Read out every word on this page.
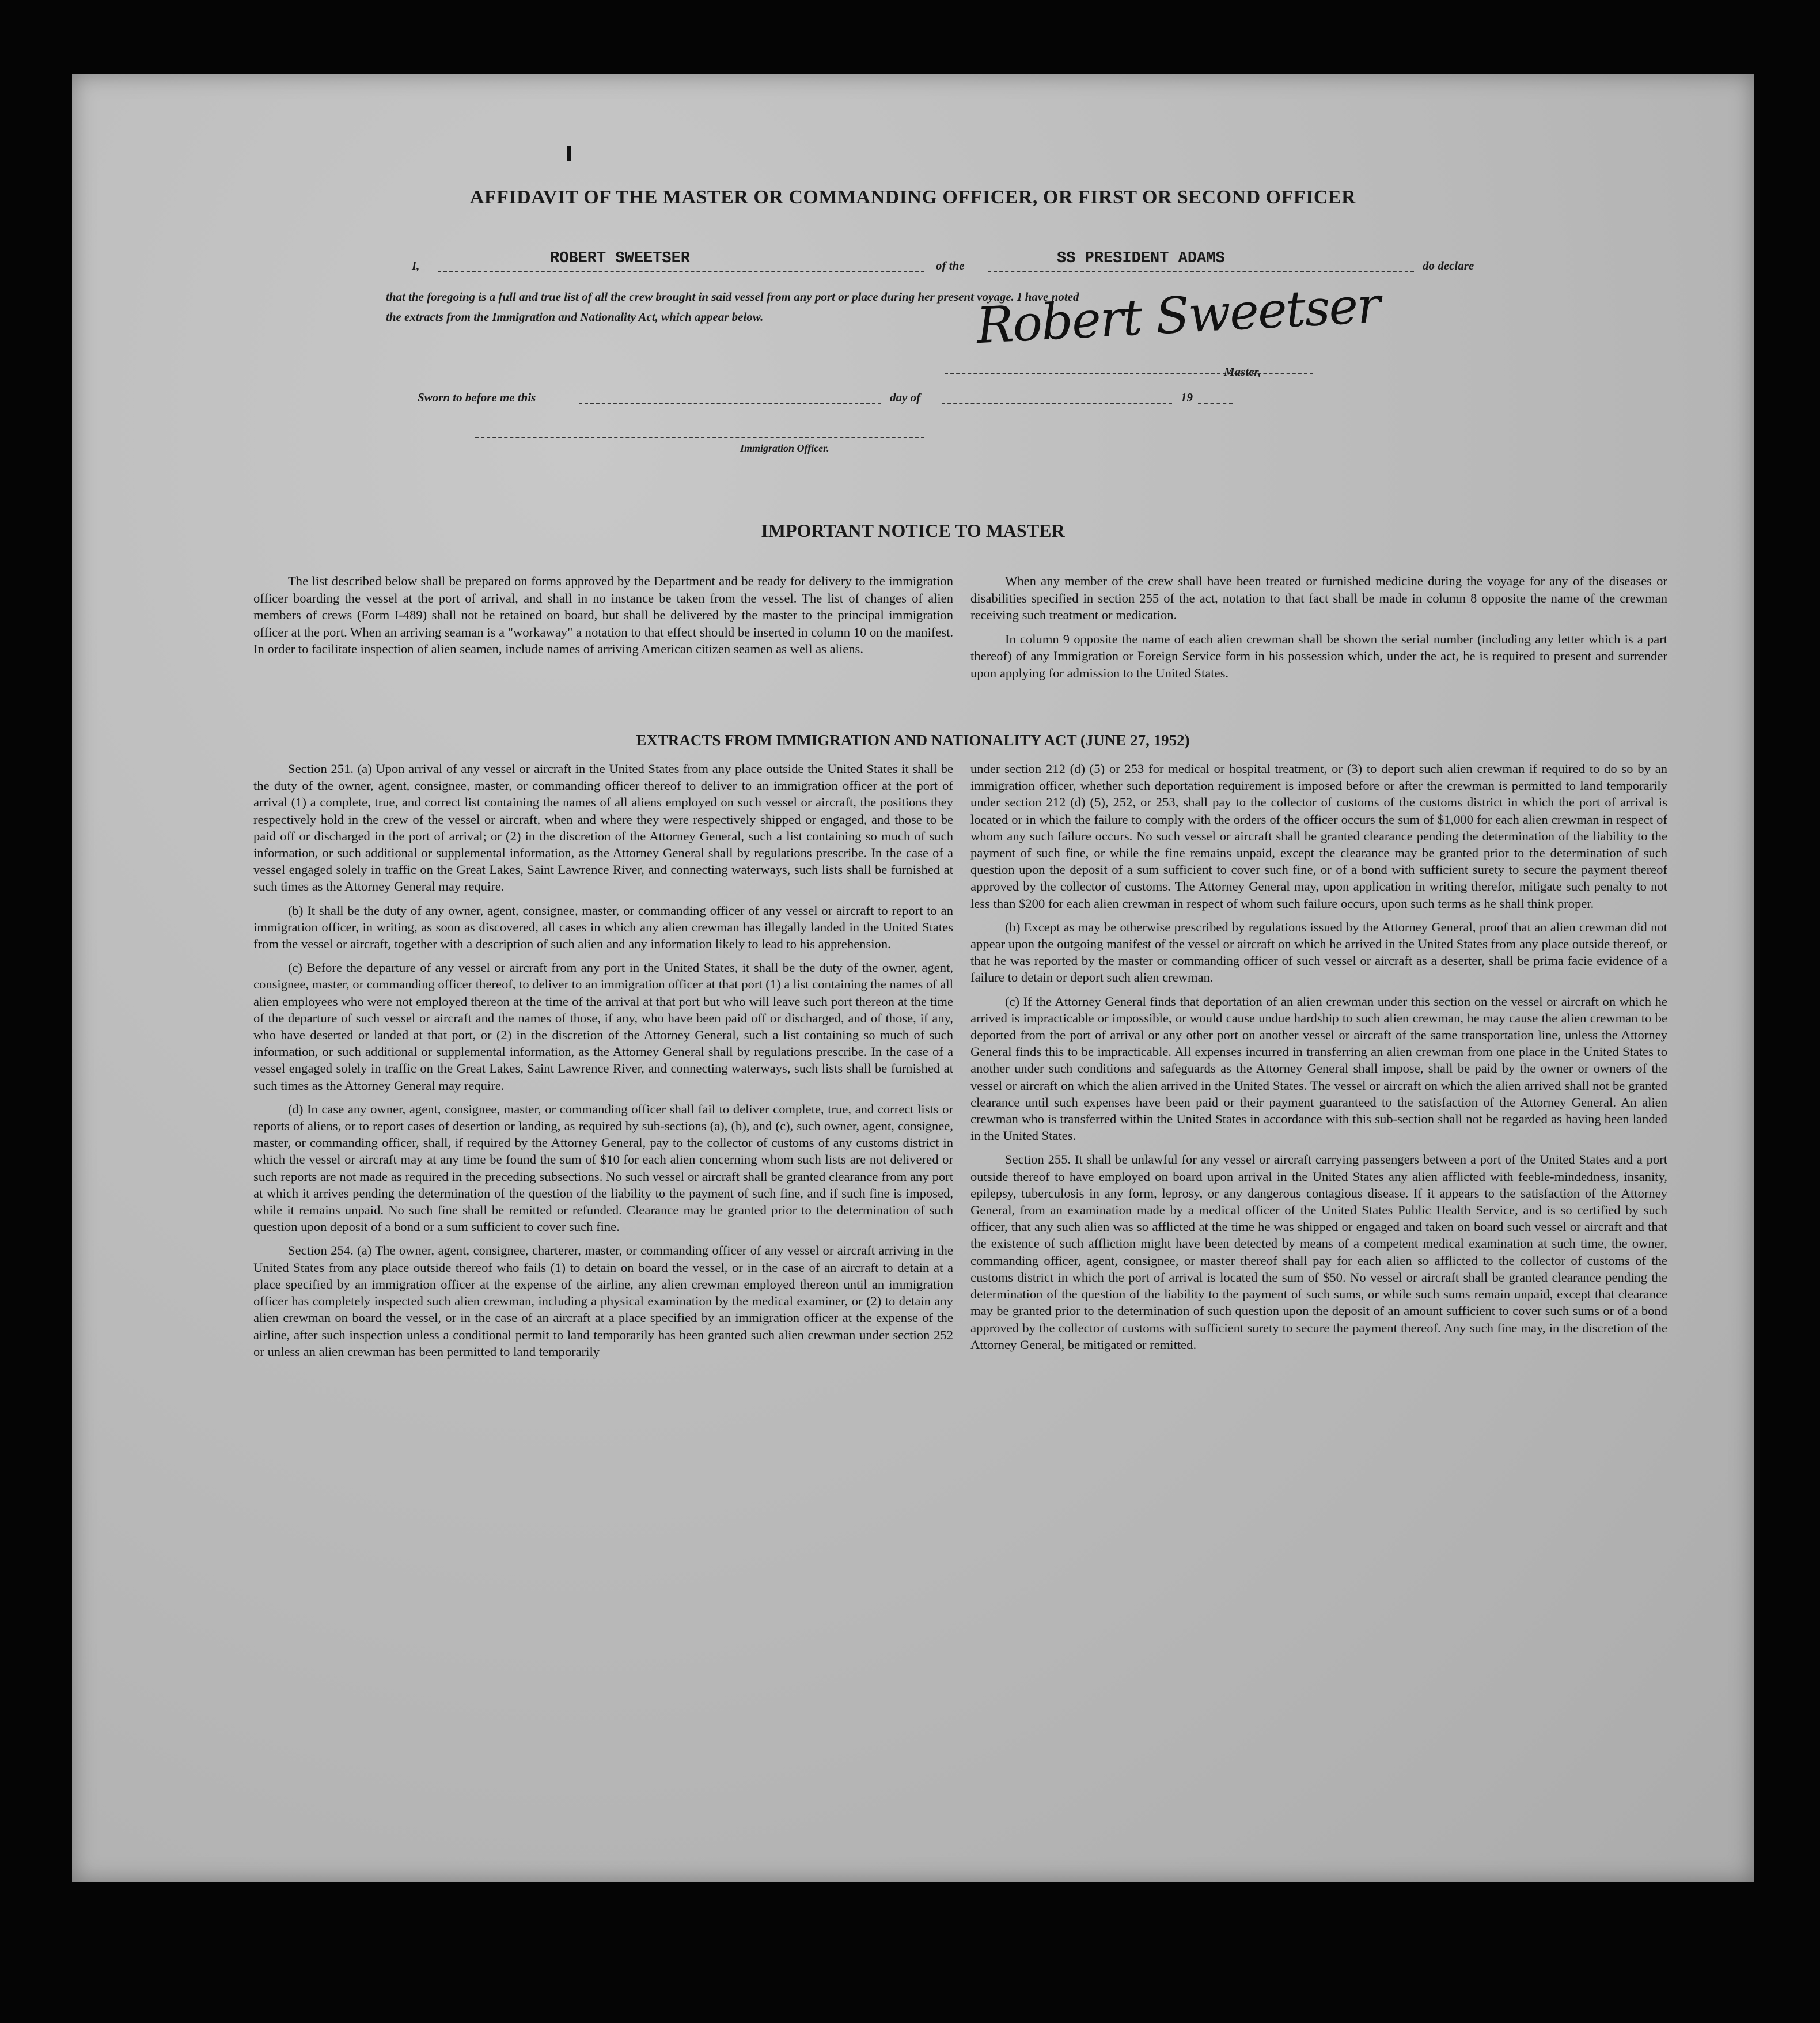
AFFIDAVIT OF THE MASTER OR COMMANDING OFFICER, OR FIRST OR SECOND OFFICER
I,	ROBERT SWEETSER	of the	SS PRESIDENT ADAMS	do declare
that the foregoing is a full and true list of all the crew brought in said vessel from any port or place during her present voyage. I have noted
the extracts from the Immigration and Nationality Act, which appear below.	Robert Sweetser
Master,
Sworn to before me this	day of	19
Immigration Officer.
IMPORTANT NOTICE TO MASTER

The list described below shall be prepared on forms approved by the Department and be ready for delivery to the immigration officer boarding the vessel at the port of arrival, and shall in no instance be taken from the vessel. The list of changes of alien members of crews (Form I-489) shall not be retained on board, but shall be delivered by the master to the principal immigration officer at the port. When an arriving seaman is a "workaway" a notation to that effect should be inserted in column 10 on the manifest. In order to facilitate inspection of alien seamen, include names of arriving American citizen seamen as well as aliens.

When any member of the crew shall have been treated or furnished medicine during the voyage for any of the diseases or disabilities specified in section 255 of the act, notation to that fact shall be made in column 8 opposite the name of the crewman receiving such treatment or medication.

In column 9 opposite the name of each alien crewman shall be shown the serial number (including any letter which is a part thereof) of any Immigration or Foreign Service form in his possession which, under the act, he is required to present and surrender upon applying for admission to the United States.

EXTRACTS FROM IMMIGRATION AND NATIONALITY ACT (JUNE 27, 1952)

Section 251. (a) Upon arrival of any vessel or aircraft in the United States from any place outside the United States it shall be the duty of the owner, agent, consignee, master, or commanding officer thereof to deliver to an immigration officer at the port of arrival (1) a complete, true, and correct list containing the names of all aliens employed on such vessel or aircraft, the positions they respectively hold in the crew of the vessel or aircraft, when and where they were respectively shipped or engaged, and those to be paid off or discharged in the port of arrival; or (2) in the discretion of the Attorney General, such a list containing so much of such information, or such additional or supplemental information, as the Attorney General shall by regulations prescribe. In the case of a vessel engaged solely in traffic on the Great Lakes, Saint Lawrence River, and connecting waterways, such lists shall be furnished at such times as the Attorney General may require.

(b) It shall be the duty of any owner, agent, consignee, master, or commanding officer of any vessel or aircraft to report to an immigration officer, in writing, as soon as discovered, all cases in which any alien crewman has illegally landed in the United States from the vessel or aircraft, together with a description of such alien and any information likely to lead to his apprehension.

(c) Before the departure of any vessel or aircraft from any port in the United States, it shall be the duty of the owner, agent, consignee, master, or commanding officer thereof, to deliver to an immigration officer at that port (1) a list containing the names of all alien employees who were not employed thereon at the time of the arrival at that port but who will leave such port thereon at the time of the departure of such vessel or aircraft and the names of those, if any, who have been paid off or discharged, and of those, if any, who have deserted or landed at that port, or (2) in the discretion of the Attorney General, such a list containing so much of such information, or such additional or supplemental information, as the Attorney General shall by regulations prescribe. In the case of a vessel engaged solely in traffic on the Great Lakes, Saint Lawrence River, and connecting waterways, such lists shall be furnished at such times as the Attorney General may require.

(d) In case any owner, agent, consignee, master, or commanding officer shall fail to deliver complete, true, and correct lists or reports of aliens, or to report cases of desertion or landing, as required by sub-sections (a), (b), and (c), such owner, agent, consignee, master, or commanding officer, shall, if required by the Attorney General, pay to the collector of customs of any customs district in which the vessel or aircraft may at any time be found the sum of $10 for each alien concerning whom such lists are not delivered or such reports are not made as required in the preceding subsections. No such vessel or aircraft shall be granted clearance from any port at which it arrives pending the determination of the question of the liability to the payment of such fine, and if such fine is imposed, while it remains unpaid. No such fine shall be remitted or refunded. Clearance may be granted prior to the determination of such question upon deposit of a bond or a sum sufficient to cover such fine.

Section 254. (a) The owner, agent, consignee, charterer, master, or commanding officer of any vessel or aircraft arriving in the United States from any place outside thereof who fails (1) to detain on board the vessel, or in the case of an aircraft to detain at a place specified by an immigration officer at the expense of the airline, any alien crewman employed thereon until an immigration officer has completely inspected such alien crewman, including a physical examination by the medical examiner, or (2) to detain any alien crewman on board the vessel, or in the case of an aircraft at a place specified by an immigration officer at the expense of the airline, after such inspection unless a conditional permit to land temporarily has been granted such alien crewman under section 252 or unless an alien crewman has been permitted to land temporarily

under section 212 (d) (5) or 253 for medical or hospital treatment, or (3) to deport such alien crewman if required to do so by an immigration officer, whether such deportation requirement is imposed before or after the crewman is permitted to land temporarily under section 212 (d) (5), 252, or 253, shall pay to the collector of customs of the customs district in which the port of arrival is located or in which the failure to comply with the orders of the officer occurs the sum of $1,000 for each alien crewman in respect of whom any such failure occurs. No such vessel or aircraft shall be granted clearance pending the determination of the liability to the payment of such fine, or while the fine remains unpaid, except the clearance may be granted prior to the determination of such question upon the deposit of a sum sufficient to cover such fine, or of a bond with sufficient surety to secure the payment thereof approved by the collector of customs. The Attorney General may, upon application in writing therefor, mitigate such penalty to not less than $200 for each alien crewman in respect of whom such failure occurs, upon such terms as he shall think proper.

(b) Except as may be otherwise prescribed by regulations issued by the Attorney General, proof that an alien crewman did not appear upon the outgoing manifest of the vessel or aircraft on which he arrived in the United States from any place outside thereof, or that he was reported by the master or commanding officer of such vessel or aircraft as a deserter, shall be prima facie evidence of a failure to detain or deport such alien crewman.

(c) If the Attorney General finds that deportation of an alien crewman under this section on the vessel or aircraft on which he arrived is impracticable or impossible, or would cause undue hardship to such alien crewman, he may cause the alien crewman to be deported from the port of arrival or any other port on another vessel or aircraft of the same transportation line, unless the Attorney General finds this to be impracticable. All expenses incurred in transferring an alien crewman from one place in the United States to another under such conditions and safeguards as the Attorney General shall impose, shall be paid by the owner or owners of the vessel or aircraft on which the alien arrived in the United States. The vessel or aircraft on which the alien arrived shall not be granted clearance until such expenses have been paid or their payment guaranteed to the satisfaction of the Attorney General. An alien crewman who is transferred within the United States in accordance with this sub-section shall not be regarded as having been landed in the United States.

Section 255. It shall be unlawful for any vessel or aircraft carrying passengers between a port of the United States and a port outside thereof to have employed on board upon arrival in the United States any alien afflicted with feeble-mindedness, insanity, epilepsy, tuberculosis in any form, leprosy, or any dangerous contagious disease. If it appears to the satisfaction of the Attorney General, from an examination made by a medical officer of the United States Public Health Service, and is so certified by such officer, that any such alien was so afflicted at the time he was shipped or engaged and taken on board such vessel or aircraft and that the existence of such affliction might have been detected by means of a competent medical examination at such time, the owner, commanding officer, agent, consignee, or master thereof shall pay for each alien so afflicted to the collector of customs of the customs district in which the port of arrival is located the sum of $50. No vessel or aircraft shall be granted clearance pending the determination of the question of the liability to the payment of such sums, or while such sums remain unpaid, except that clearance may be granted prior to the determination of such question upon the deposit of an amount sufficient to cover such sums or of a bond approved by the collector of customs with sufficient surety to secure the payment thereof. Any such fine may, in the discretion of the Attorney General, be mitigated or remitted.
